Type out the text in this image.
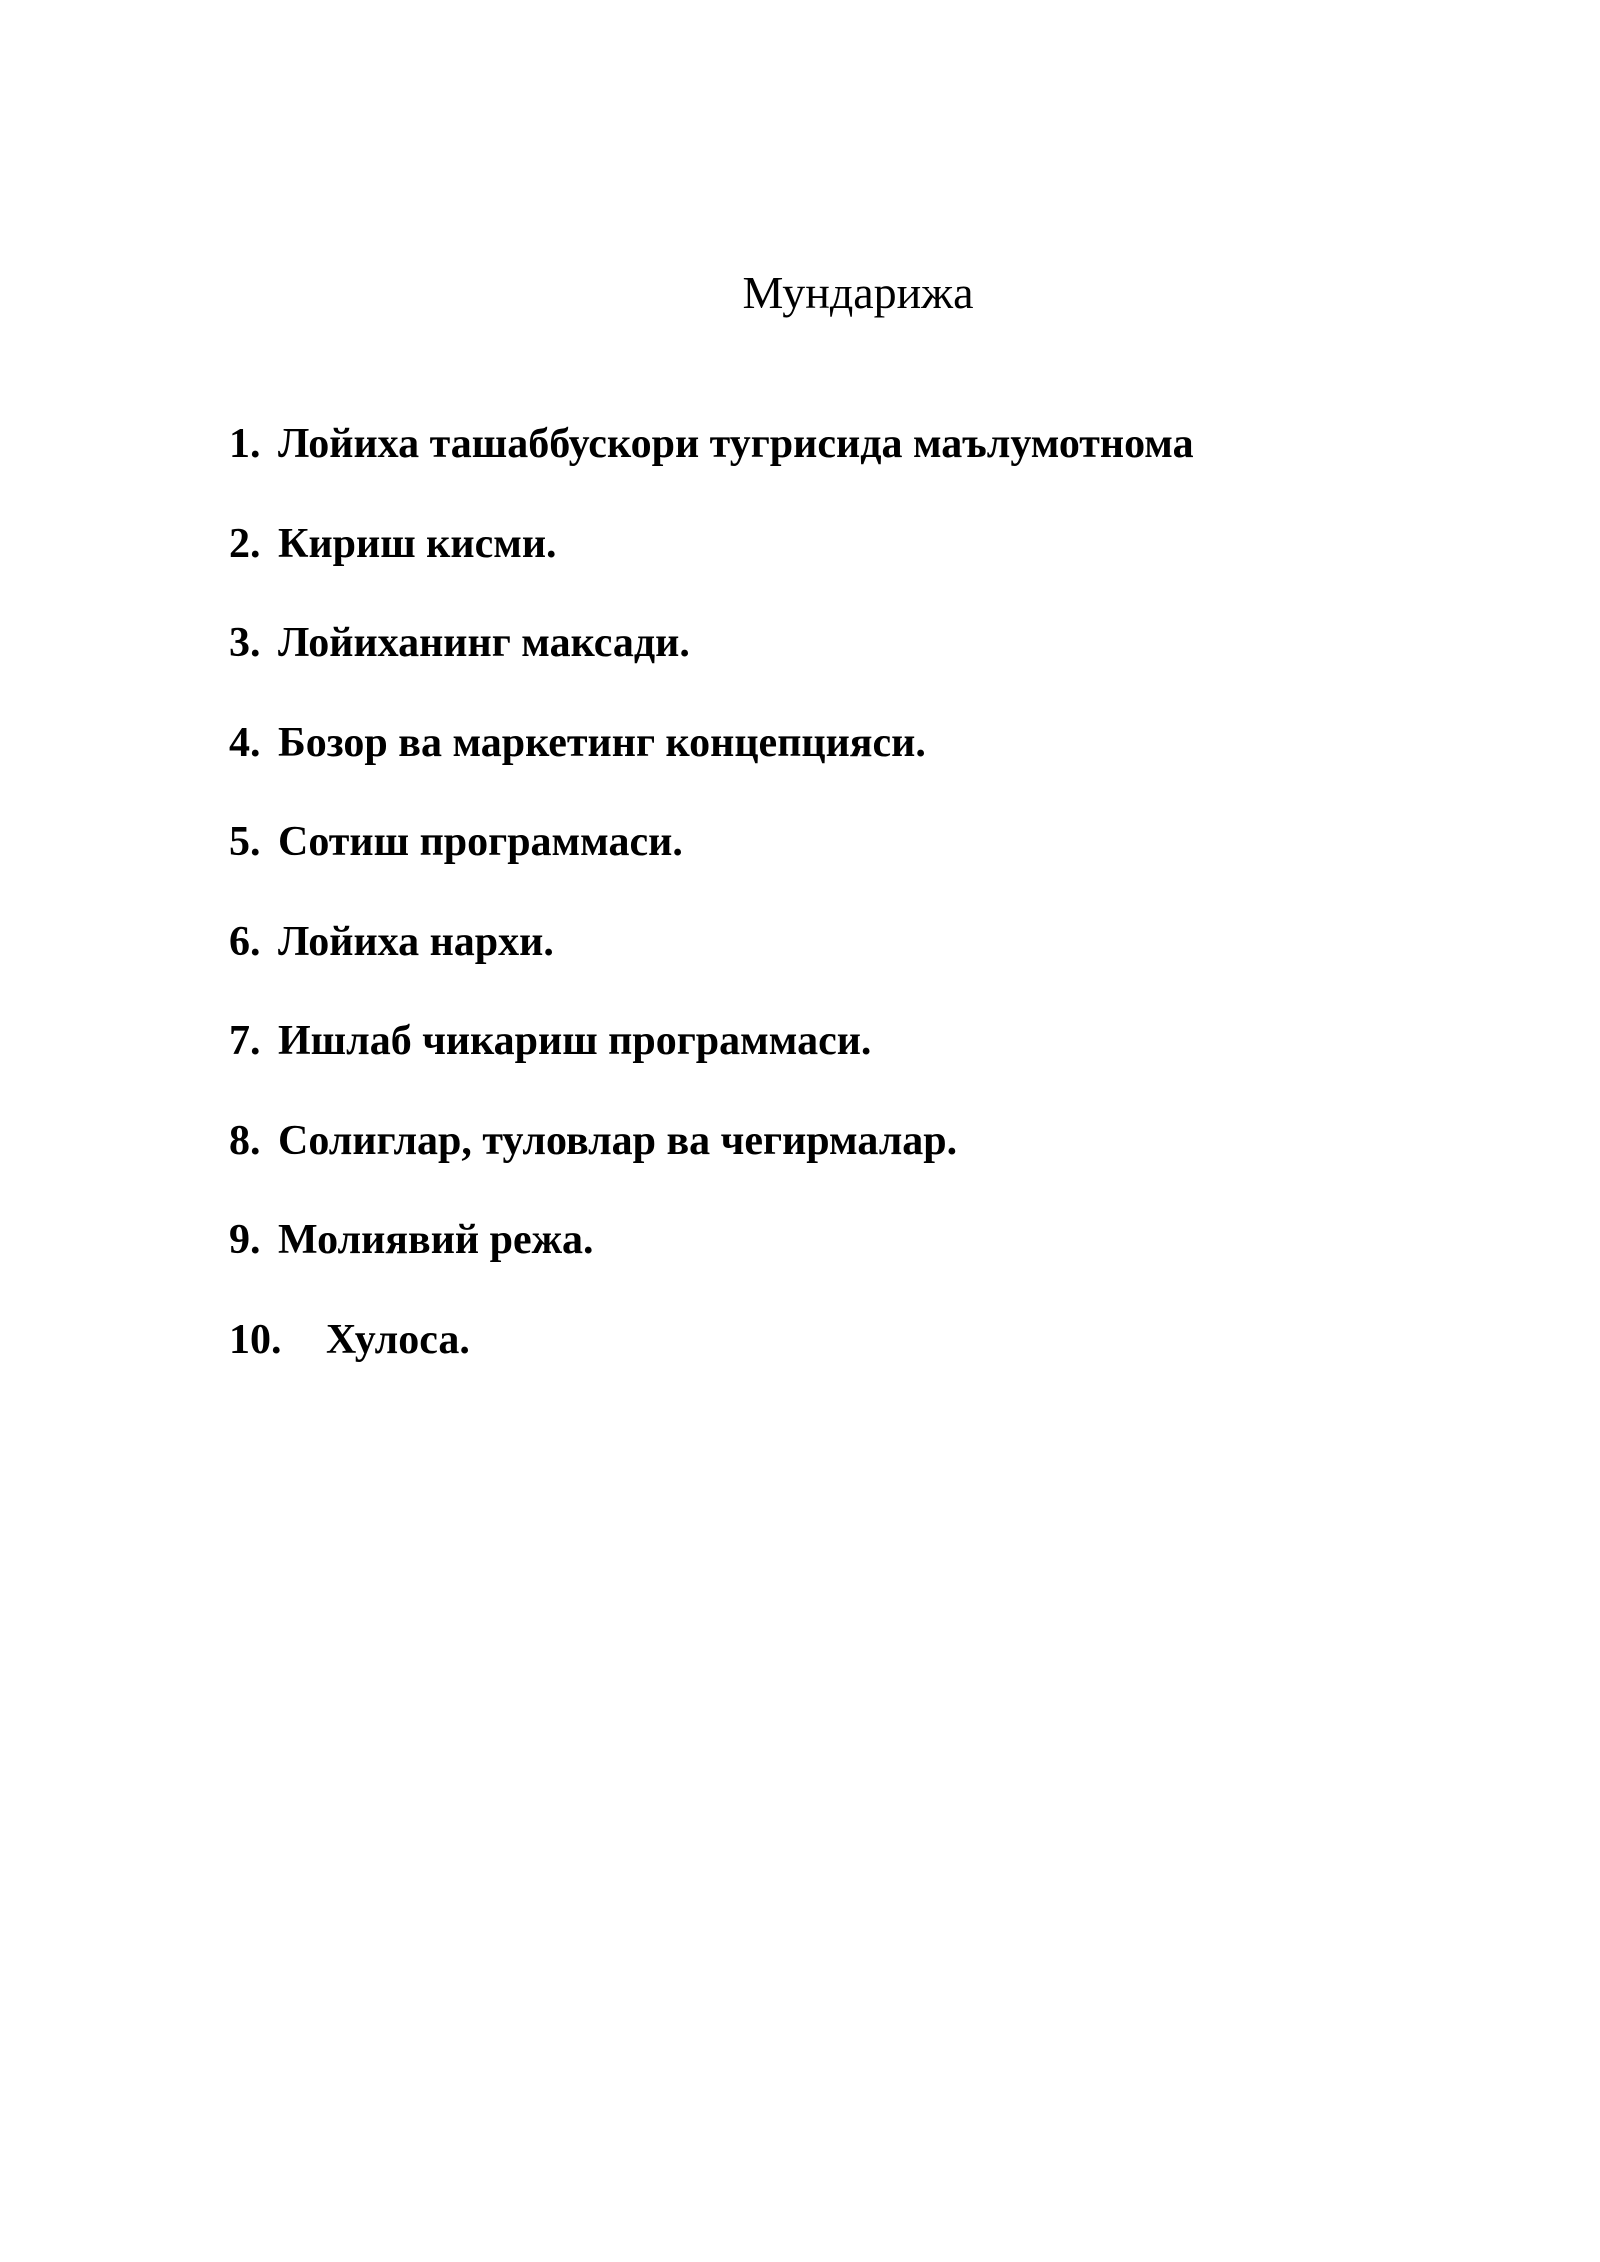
Мундарижа
1. Лойиха ташаббускори тугрисида маълумотнома
2. Кириш кисми.
3. Лойиханинг максади.
4. Бозор ва маркетинг концепцияси.
5. Сотиш программаси.
6. Лойиха нархи.
7. Ишлаб чикариш программаси.
8. Солиглар, туловлар ва чегирмалар.
9. Молиявий режа.
10. Хулоса.
